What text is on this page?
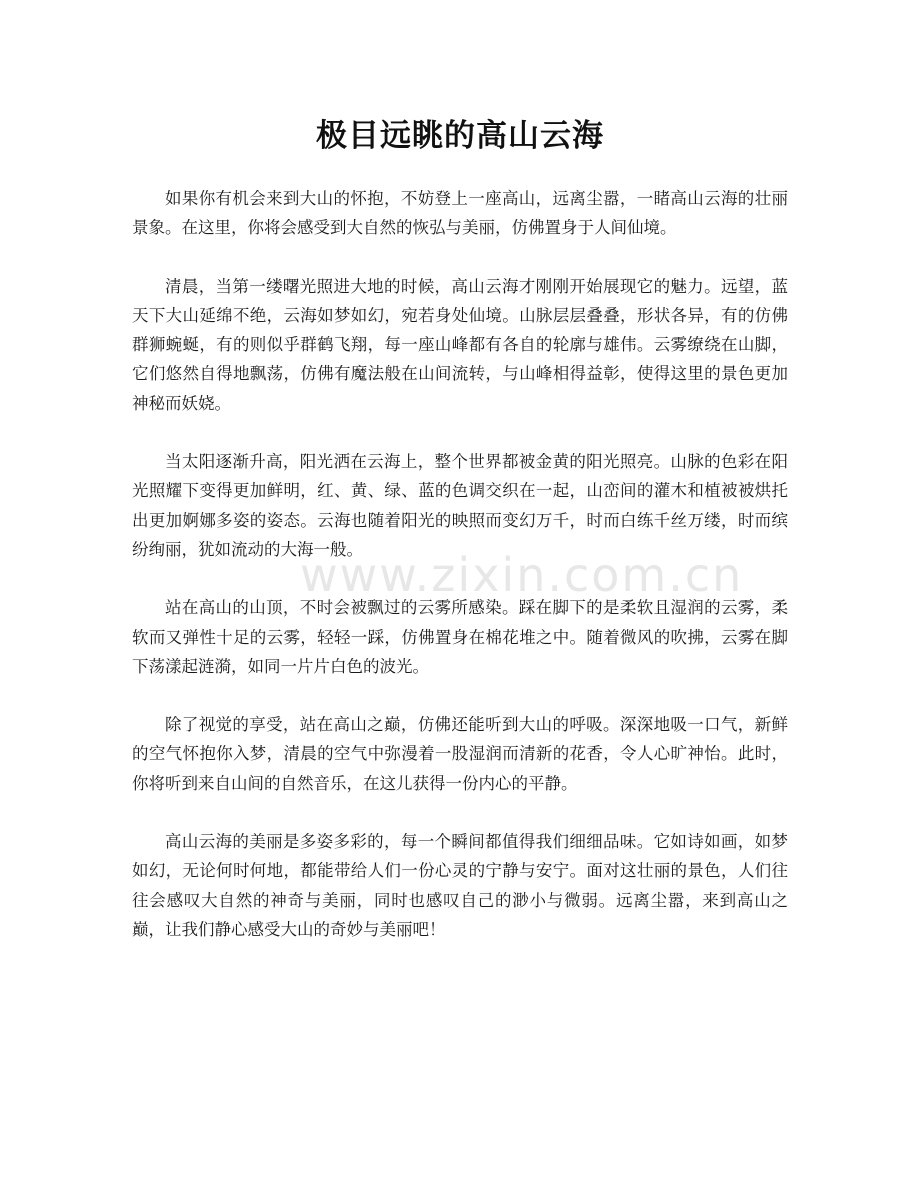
www.zixin.com.cn
极目远眺的高山云海

如果你有机会来到大山的怀抱，不妨登上一座高山，远离尘嚣，一睹高山云海的壮丽景象。在这里，你将会感受到大自然的恢弘与美丽，仿佛置身于人间仙境。

清晨，当第一缕曙光照进大地的时候，高山云海才刚刚开始展现它的魅力。远望，蓝天下大山延绵不绝，云海如梦如幻，宛若身处仙境。山脉层层叠叠，形状各异，有的仿佛群狮蜿蜒，有的则似乎群鹤飞翔，每一座山峰都有各自的轮廓与雄伟。云雾缭绕在山脚，它们悠然自得地飘荡，仿佛有魔法般在山间流转，与山峰相得益彰，使得这里的景色更加神秘而妖娆。

当太阳逐渐升高，阳光洒在云海上，整个世界都被金黄的阳光照亮。山脉的色彩在阳光照耀下变得更加鲜明，红、黄、绿、蓝的色调交织在一起，山峦间的灌木和植被被烘托出更加婀娜多姿的姿态。云海也随着阳光的映照而变幻万千，时而白练千丝万缕，时而缤纷绚丽，犹如流动的大海一般。

站在高山的山顶，不时会被飘过的云雾所感染。踩在脚下的是柔软且湿润的云雾，柔软而又弹性十足的云雾，轻轻一踩，仿佛置身在棉花堆之中。随着微风的吹拂，云雾在脚下荡漾起涟漪，如同一片片白色的波光。

除了视觉的享受，站在高山之巅，仿佛还能听到大山的呼吸。深深地吸一口气，新鲜的空气怀抱你入梦，清晨的空气中弥漫着一股湿润而清新的花香，令人心旷神怡。此时，你将听到来自山间的自然音乐，在这儿获得一份内心的平静。

高山云海的美丽是多姿多彩的，每一个瞬间都值得我们细细品味。它如诗如画，如梦如幻，无论何时何地，都能带给人们一份心灵的宁静与安宁。面对这壮丽的景色，人们往往会感叹大自然的神奇与美丽，同时也感叹自己的渺小与微弱。远离尘嚣，来到高山之巅，让我们静心感受大山的奇妙与美丽吧！
